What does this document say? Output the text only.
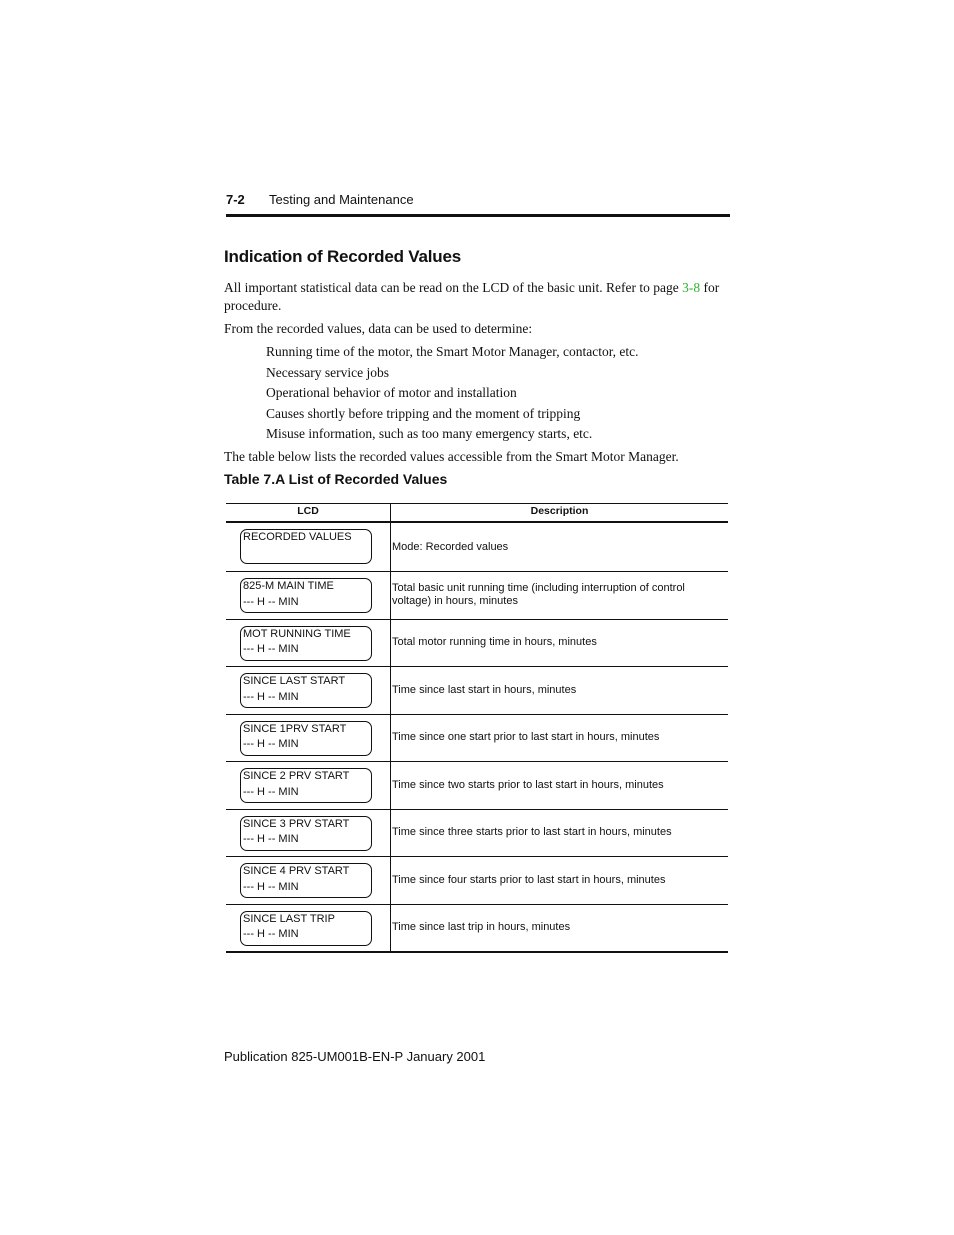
7-2 Testing and Maintenance
Indication of Recorded Values
All important statistical data can be read on the LCD of the basic unit. Refer to page 3-8 for procedure.
From the recorded values, data can be used to determine:
Running time of the motor, the Smart Motor Manager, contactor, etc.
Necessary service jobs
Operational behavior of motor and installation
Causes shortly before tripping and the moment of tripping
Misuse information, such as too many emergency starts, etc.
The table below lists the recorded values accessible from the Smart Motor Manager.
Table 7.A List of Recorded Values
LCD	Description
RECORDED VALUES
Mode: Recorded values
825-M MAIN TIME
--- H -- MIN
Total basic unit running time (including interruption of control voltage) in hours, minutes
MOT RUNNING TIME
--- H -- MIN
Total motor running time in hours, minutes
SINCE LAST START
--- H -- MIN
Time since last start in hours, minutes
SINCE 1PRV START
--- H -- MIN
Time since one start prior to last start in hours, minutes
SINCE 2 PRV START
--- H -- MIN
Time since two starts prior to last start in hours, minutes
SINCE 3 PRV START
--- H -- MIN
Time since three starts prior to last start in hours, minutes
SINCE 4 PRV START
--- H -- MIN
Time since four starts prior to last start in hours, minutes
SINCE LAST TRIP
--- H -- MIN
Time since last trip in hours, minutes
Publication 825-UM001B-EN-P January 2001
